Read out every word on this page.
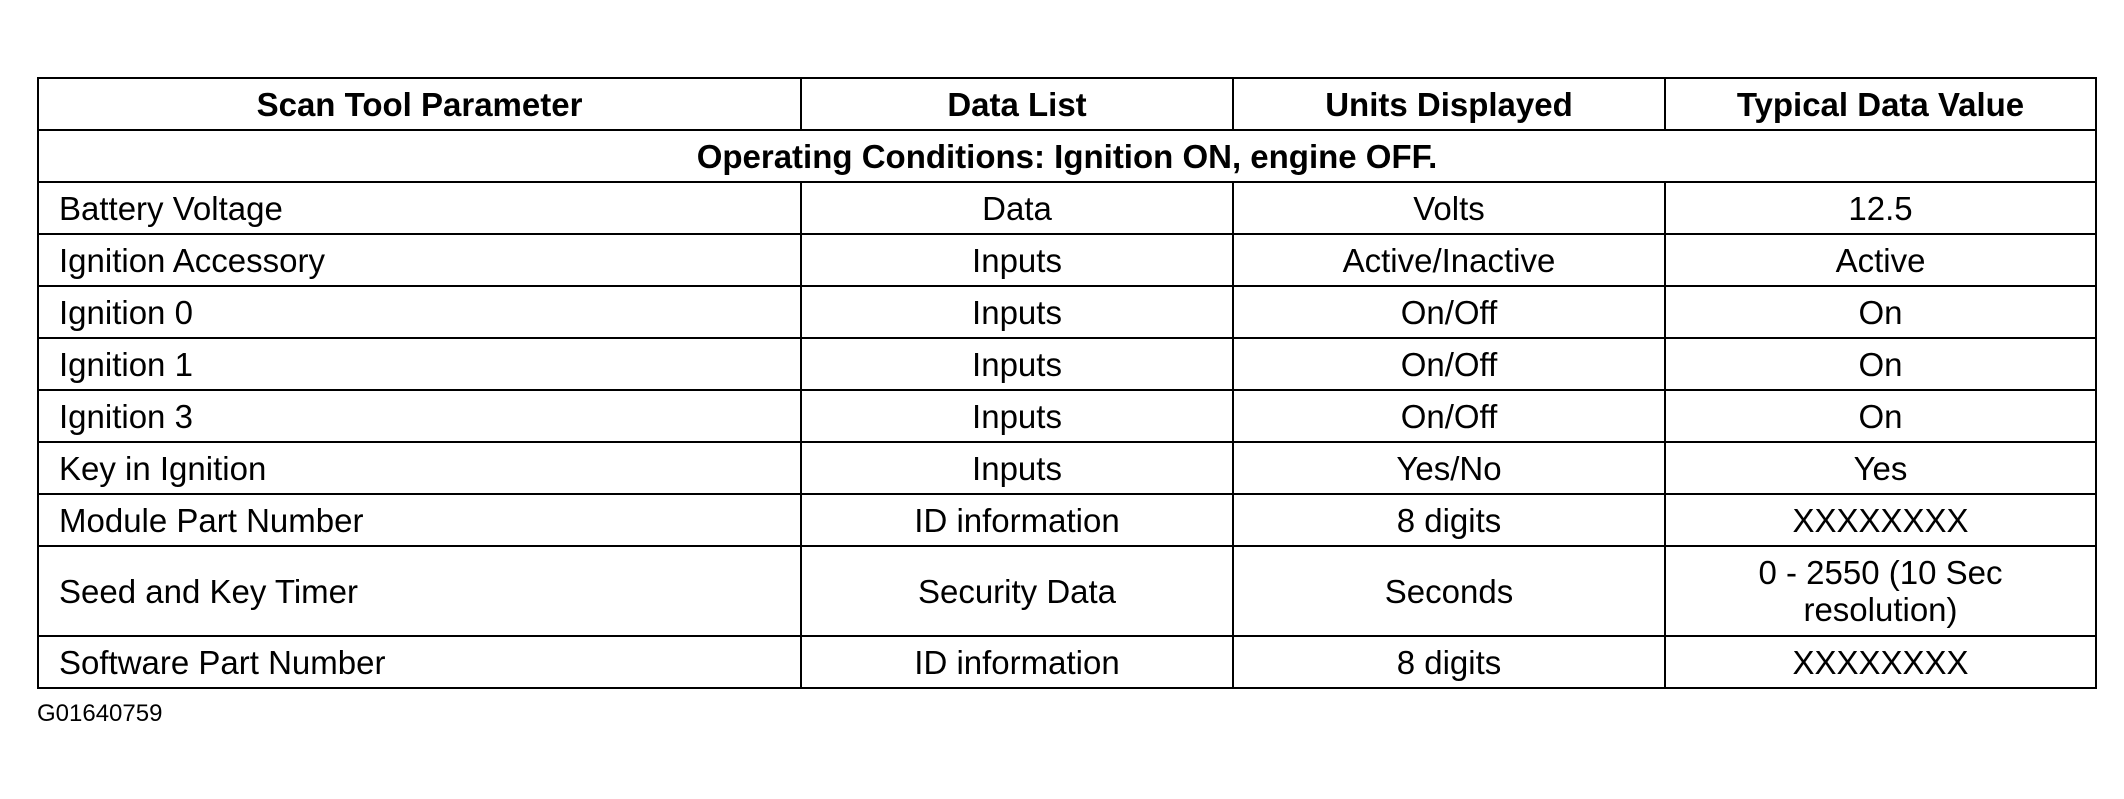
Scan Tool Parameter	Data List	Units Displayed	Typical Data Value
Operating Conditions: Ignition ON, engine OFF.			
Battery Voltage	Data	Volts	12.5
Ignition Accessory	Inputs	Active/Inactive	Active
Ignition 0	Inputs	On/Off	On
Ignition 1	Inputs	On/Off	On
Ignition 3	Inputs	On/Off	On
Key in Ignition	Inputs	Yes/No	Yes
Module Part Number	ID information	8 digits	XXXXXXXX
Seed and Key Timer	Security Data	Seconds	0 - 2550 (10 Sec resolution)
Software Part Number	ID information	8 digits	XXXXXXXX
G01640759
